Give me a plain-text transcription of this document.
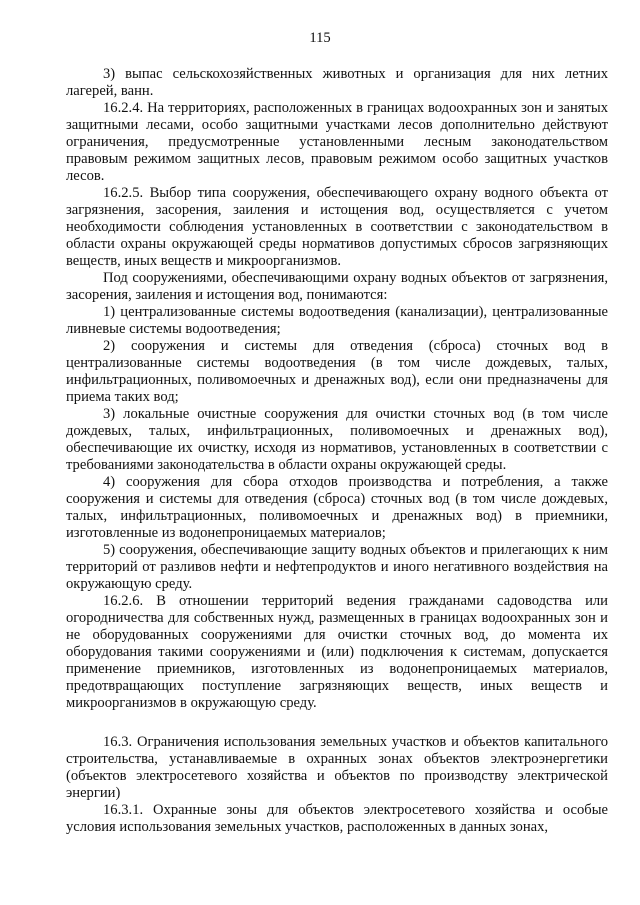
115

3) выпас сельскохозяйственных животных и организация для них летних лагерей, ванн.

16.2.4. На территориях, расположенных в границах водоохранных зон и занятых защитными лесами, особо защитными участками лесов дополнительно действуют ограничения, предусмотренные установленными лесным законодательством правовым режимом защитных лесов, правовым режимом особо защитных участков лесов.

16.2.5. Выбор типа сооружения, обеспечивающего охрану водного объекта от загрязнения, засорения, заиления и истощения вод, осуществляется с учетом необходимости соблюдения установленных в соответствии с законодательством в области охраны окружающей среды нормативов допустимых сбросов загрязняющих веществ, иных веществ и микроорганизмов.

Под сооружениями, обеспечивающими охрану водных объектов от загрязнения, засорения, заиления и истощения вод, понимаются:

1) централизованные системы водоотведения (канализации), централизованные ливневые системы водоотведения;

2) сооружения и системы для отведения (сброса) сточных вод в централизованные системы водоотведения (в том числе дождевых, талых, инфильтрационных, поливомоечных и дренажных вод), если они предназначены для приема таких вод;

3) локальные очистные сооружения для очистки сточных вод (в том числе дождевых, талых, инфильтрационных, поливомоечных и дренажных вод), обеспечивающие их очистку, исходя из нормативов, установленных в соответствии с требованиями законодательства в области охраны окружающей среды.

4) сооружения для сбора отходов производства и потребления, а также сооружения и системы для отведения (сброса) сточных вод (в том числе дождевых, талых, инфильтрационных, поливомоечных и дренажных вод) в приемники, изготовленные из водонепроницаемых материалов;

5) сооружения, обеспечивающие защиту водных объектов и прилегающих к ним территорий от разливов нефти и нефтепродуктов и иного негативного воздействия на окружающую среду.

16.2.6. В отношении территорий ведения гражданами садоводства или огородничества для собственных нужд, размещенных в границах водоохранных зон и не оборудованных сооружениями для очистки сточных вод, до момента их оборудования такими сооружениями и (или) подключения к системам, допускается применение приемников, изготовленных из водонепроницаемых материалов, предотвращающих поступление загрязняющих веществ, иных веществ и микроорганизмов в окружающую среду.

16.3. Ограничения использования земельных участков и объектов капитального строительства, устанавливаемые в охранных зонах объектов электроэнергетики (объектов электросетевого хозяйства и объектов по производству электрической энергии)

16.3.1. Охранные зоны для объектов электросетевого хозяйства и особые условия использования земельных участков, расположенных в данных зонах,
